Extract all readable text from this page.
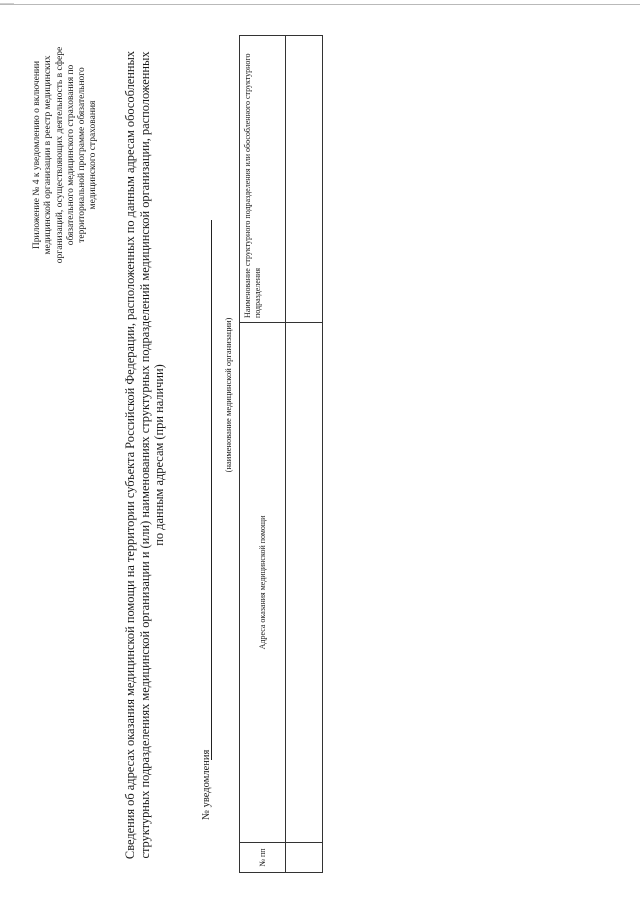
Приложение № 4 к уведомлению о включении медицинской организации в реестр медицинских организаций, осуществляющих деятельность в сфере обязательного медицинского страхования по территориальной программе обязательного медицинского страхования Сведения об адресах оказания медицинской помощи на территории субъекта Российской Федерации, расположенных по данным адресам обособленных структурных подразделениях медицинской организации и (или) наименованиях структурных подразделений медицинской организации, расположенных по данным адресам (при наличии)
№ уведомления
(наименование медицинской организации)
№ пп	Адреса оказания медицинской помощи	Наименование структурного подразделения или обособленного структурного подразделения
